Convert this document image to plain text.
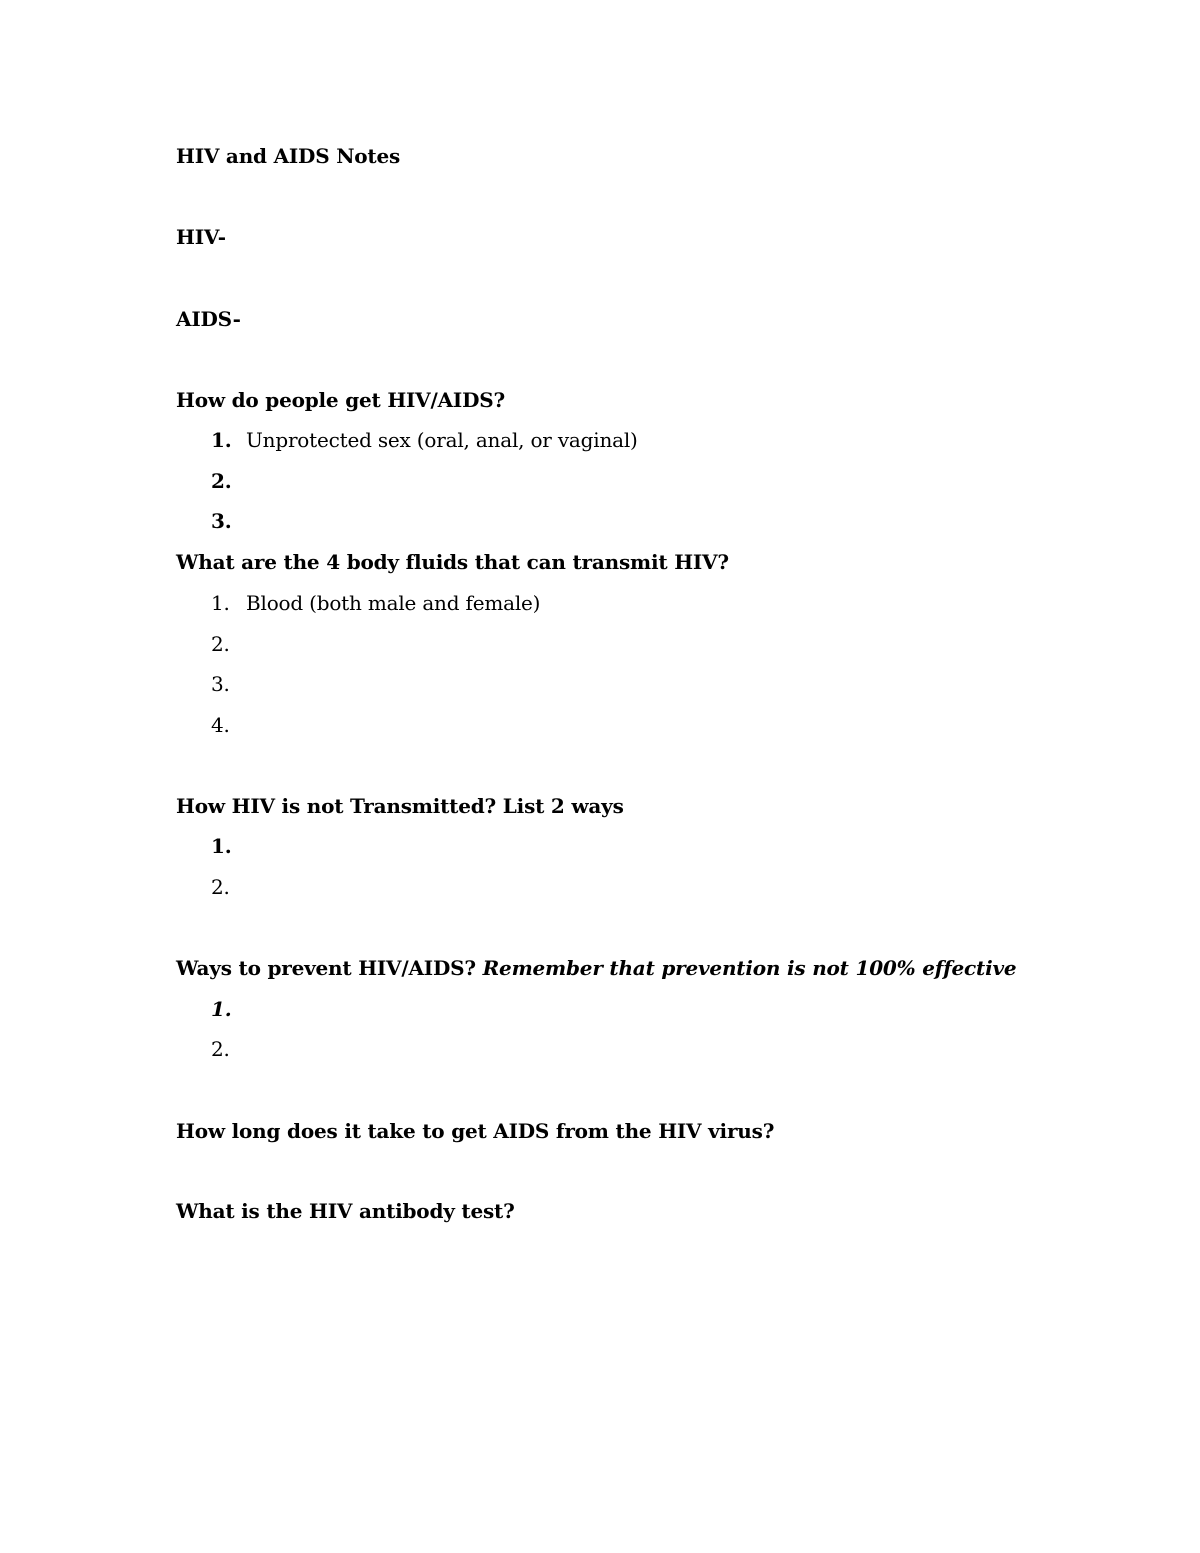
HIV and AIDS Notes
HIV-
AIDS-
How do people get HIV/AIDS?
1. Unprotected sex (oral, anal, or vaginal)
2.
3.
What are the 4 body fluids that can transmit HIV?
1. Blood (both male and female)
2.
3.
4.
How HIV is not Transmitted? List 2 ways
1.
2.
Ways to prevent HIV/AIDS? Remember that prevention is not 100% effective
1.
2.
How long does it take to get AIDS from the HIV virus?
What is the HIV antibody test?
